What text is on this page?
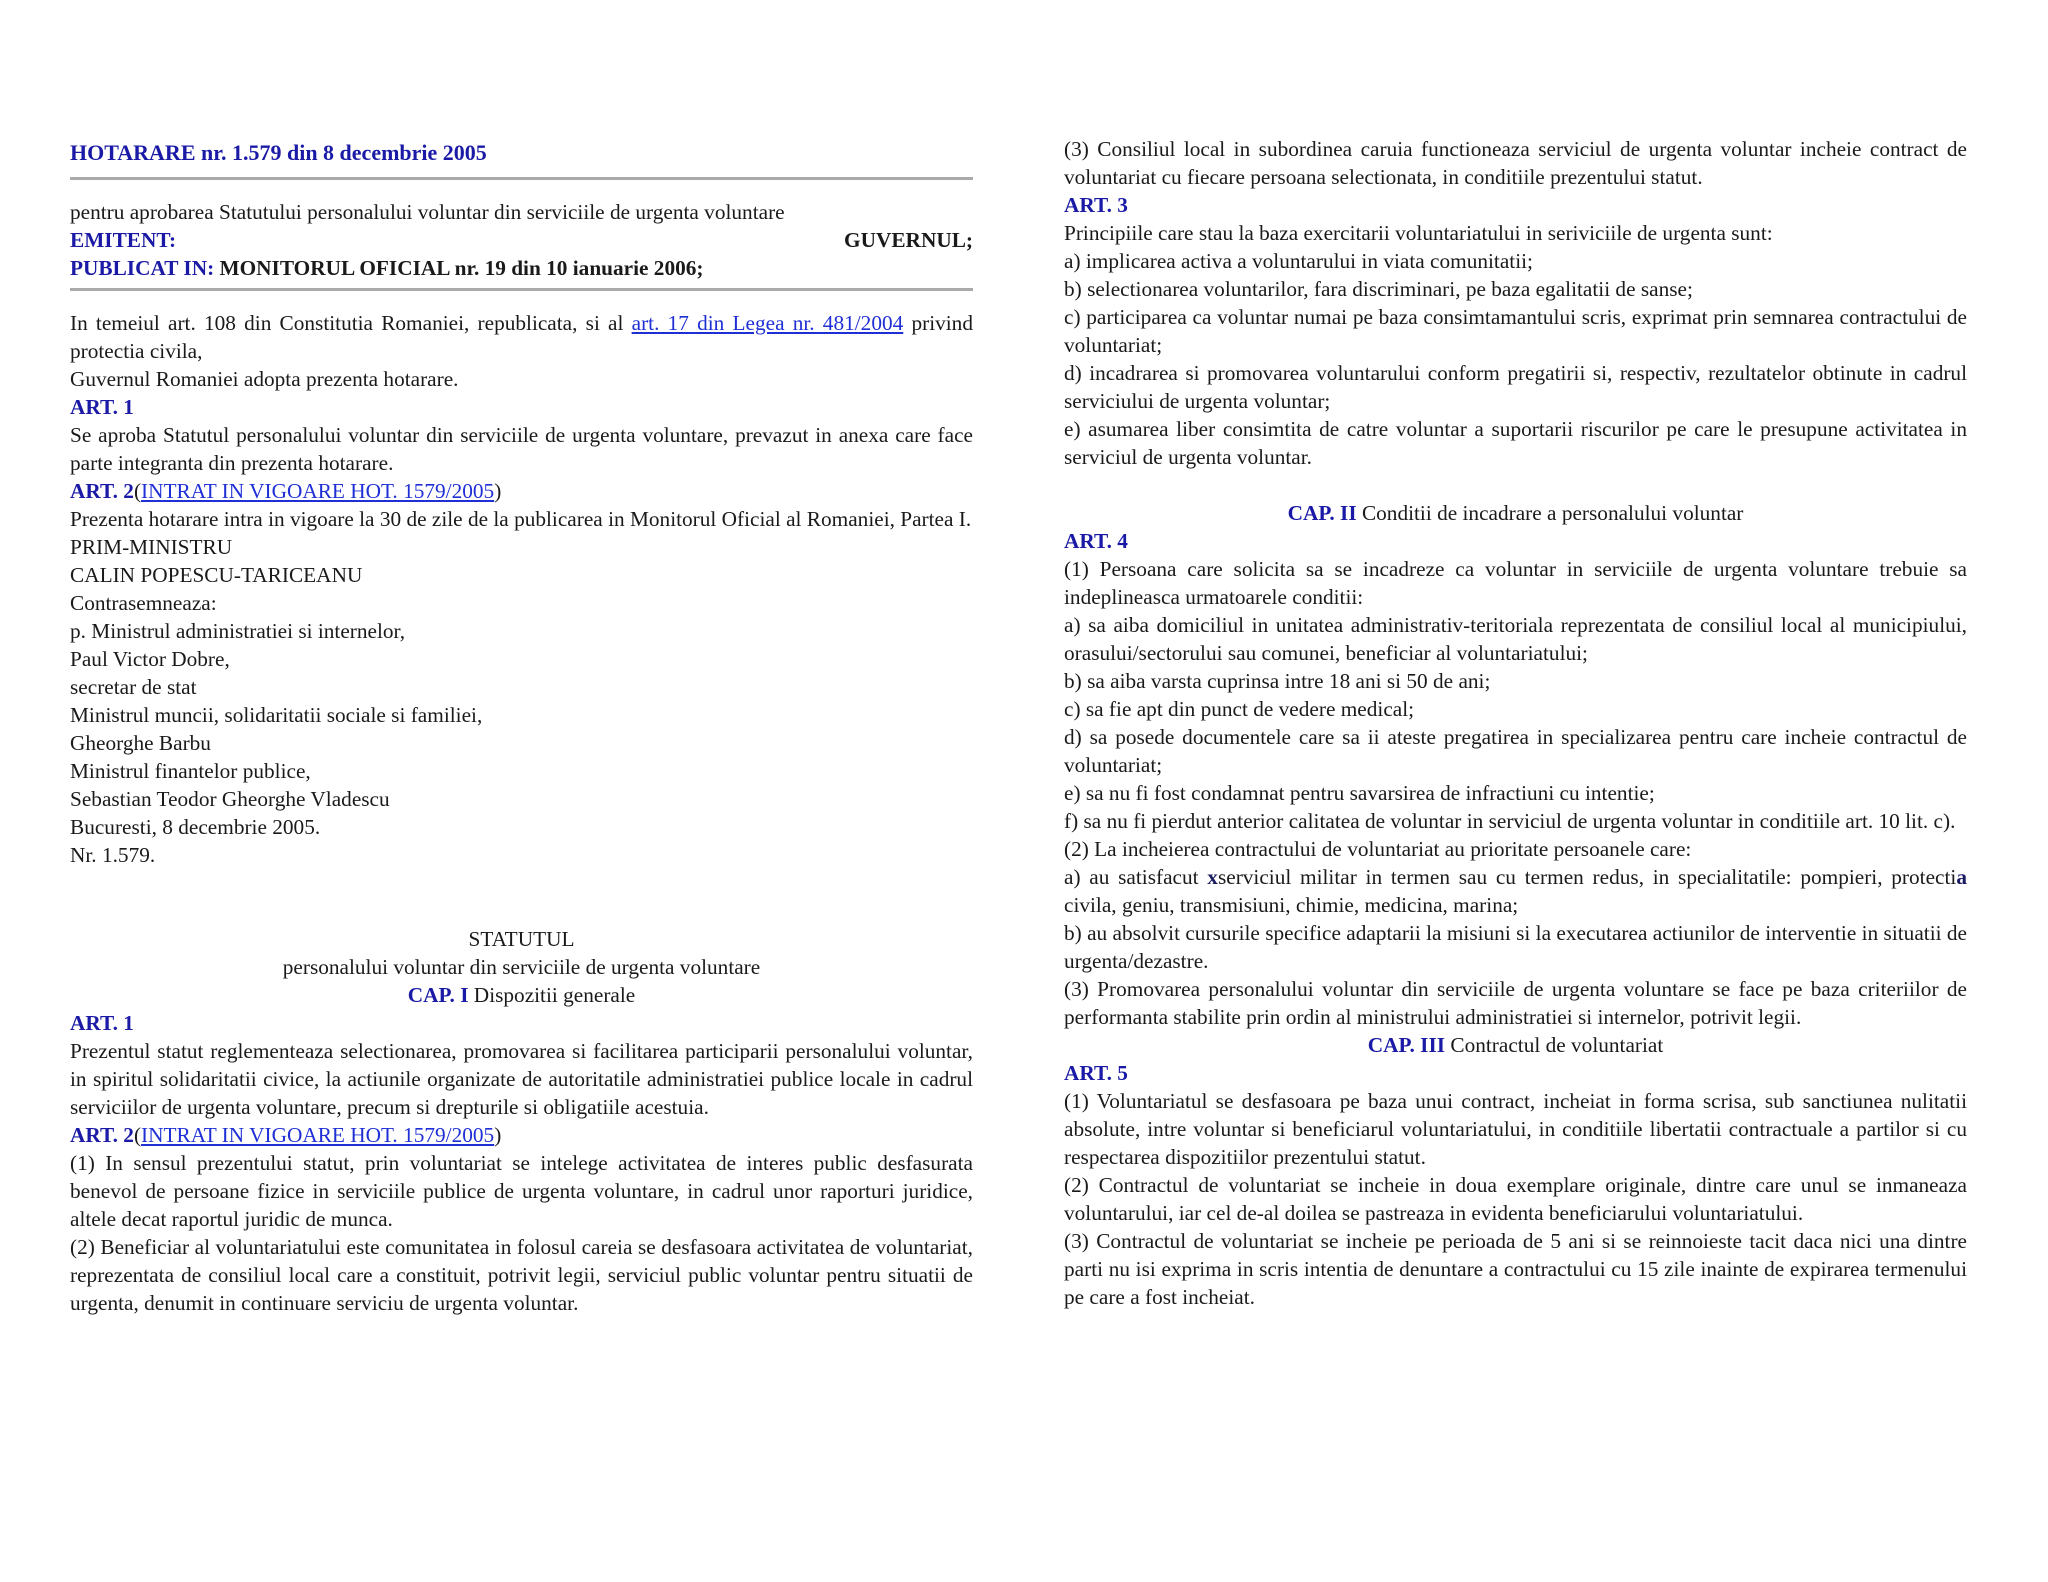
HOTARARE nr. 1.579 din 8 decembrie 2005

pentru aprobarea Statutului personalului voluntar din serviciile de urgenta voluntare

EMITENT:	GUVERNUL;

PUBLICAT IN: MONITORUL OFICIAL nr. 19 din 10 ianuarie 2006;

In temeiul art. 108 din Constitutia Romaniei, republicata, si al art. 17 din Legea nr. 481/2004 privind protectia civila,

Guvernul Romaniei adopta prezenta hotarare.

ART. 1

Se aproba Statutul personalului voluntar din serviciile de urgenta voluntare, prevazut in anexa care face parte integranta din prezenta hotarare.

ART. 2(INTRAT IN VIGOARE HOT. 1579/2005)

Prezenta hotarare intra in vigoare la 30 de zile de la publicarea in Monitorul Oficial al Romaniei, Partea I.

PRIM-MINISTRU

CALIN POPESCU-TARICEANU

Contrasemneaza:

p. Ministrul administratiei si internelor,

Paul Victor Dobre,

secretar de stat

Ministrul muncii, solidaritatii sociale si familiei,

Gheorghe Barbu

Ministrul finantelor publice,

Sebastian Teodor Gheorghe Vladescu

Bucuresti, 8 decembrie 2005.

Nr. 1.579.

STATUTUL

personalului voluntar din serviciile de urgenta voluntare

CAP. I Dispozitii generale

ART. 1

Prezentul statut reglementeaza selectionarea, promovarea si facilitarea participarii personalului voluntar, in spiritul solidaritatii civice, la actiunile organizate de autoritatile administratiei publice locale in cadrul serviciilor de urgenta voluntare, precum si drepturile si obligatiile acestuia.

ART. 2(INTRAT IN VIGOARE HOT. 1579/2005)

(1) In sensul prezentului statut, prin voluntariat se intelege activitatea de interes public desfasurata benevol de persoane fizice in serviciile publice de urgenta voluntare, in cadrul unor raporturi juridice, altele decat raportul juridic de munca.

(2) Beneficiar al voluntariatului este comunitatea in folosul careia se desfasoara activitatea de voluntariat, reprezentata de consiliul local care a constituit, potrivit legii, serviciul public voluntar pentru situatii de urgenta, denumit in continuare serviciu de urgenta voluntar.

(3) Consiliul local in subordinea caruia functioneaza serviciul de urgenta voluntar incheie contract de voluntariat cu fiecare persoana selectionata, in conditiile prezentului statut.

ART. 3

Principiile care stau la baza exercitarii voluntariatului in seriviciile de urgenta sunt:

a) implicarea activa a voluntarului in viata comunitatii;

b) selectionarea voluntarilor, fara discriminari, pe baza egalitatii de sanse;

c) participarea ca voluntar numai pe baza consimtamantului scris, exprimat prin semnarea contractului de voluntariat;

d) incadrarea si promovarea voluntarului conform pregatirii si, respectiv, rezultatelor obtinute in cadrul serviciului de urgenta voluntar;

e) asumarea liber consimtita de catre voluntar a suportarii riscurilor pe care le presupune activitatea in serviciul de urgenta voluntar.

CAP. II Conditii de incadrare a personalului voluntar

ART. 4

(1) Persoana care solicita sa se incadreze ca voluntar in serviciile de urgenta voluntare trebuie sa indeplineasca urmatoarele conditii:

a) sa aiba domiciliul in unitatea administrativ-teritoriala reprezentata de consiliul local al municipiului, orasului/sectorului sau comunei, beneficiar al voluntariatului;

b) sa aiba varsta cuprinsa intre 18 ani si 50 de ani;

c) sa fie apt din punct de vedere medical;

d) sa posede documentele care sa ii ateste pregatirea in specializarea pentru care incheie contractul de voluntariat;

e) sa nu fi fost condamnat pentru savarsirea de infractiuni cu intentie;

f) sa nu fi pierdut anterior calitatea de voluntar in serviciul de urgenta voluntar in conditiile art. 10 lit. c).

(2) La incheierea contractului de voluntariat au prioritate persoanele care:

a) au satisfacut xserviciul militar in termen sau cu termen redus, in specialitatile: pompieri, protectia civila, geniu, transmisiuni, chimie, medicina, marina;

b) au absolvit cursurile specifice adaptarii la misiuni si la executarea actiunilor de interventie in situatii de urgenta/dezastre.

(3) Promovarea personalului voluntar din serviciile de urgenta voluntare se face pe baza criteriilor de performanta stabilite prin ordin al ministrului administratiei si internelor, potrivit legii.

CAP. III Contractul de voluntariat

ART. 5

(1) Voluntariatul se desfasoara pe baza unui contract, incheiat in forma scrisa, sub sanctiunea nulitatii absolute, intre voluntar si beneficiarul voluntariatului, in conditiile libertatii contractuale a partilor si cu respectarea dispozitiilor prezentului statut.

(2) Contractul de voluntariat se incheie in doua exemplare originale, dintre care unul se inmaneaza voluntarului, iar cel de-al doilea se pastreaza in evidenta beneficiarului voluntariatului.

(3) Contractul de voluntariat se incheie pe perioada de 5 ani si se reinnoieste tacit daca nici una dintre parti nu isi exprima in scris intentia de denuntare a contractului cu 15 zile inainte de expirarea termenului pe care a fost incheiat.
